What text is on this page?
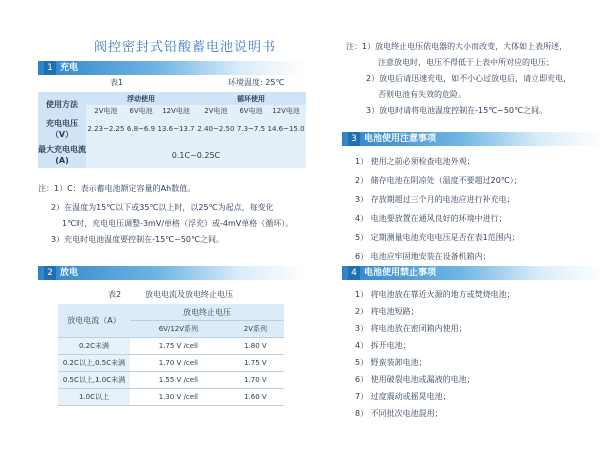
阀控密封式铅酸蓄电池说明书
1 充电
表1	环境温度: 25℃
使用方法	浮动使用			循环使用		
	2V电池	6V电池	12V电池	2V电池	6V电池	12V电池
充电电压（V）	2.23~2.25	6.8~6.9	13.6~13.7	2.40~2.50	7.3~7.5	14.6~15.0
最大充电电流(A)	0.1C~0.25C					
注：1）C：表示蓄电池额定容量的Ah数值。
2）在温度为15℃以下或35℃以上时，以25℃为起点，每变化
1℃时，充电电压调整-3mV/单格（浮充）或-4mV单格（循环）。
3）充电时电池温度要控制在-15℃~50℃之间。
2 放电
表2	放电电流及放电终止电压
放电电流（A）	放电终止电压	
	6V/12V系列	2V系列
0.2C未满	1.75 V /cell	1.80 V
0.2C以上,0.5C未满	1.70 V /cell	1.75 V
0.5C以上,1.0C未满	1.55 V /cell	1.70 V
1.0C以上	1.30 V /cell	1.60 V
注：1）放电终止电压依电器的大小而改变，大体如上表所述，
注意放电时，电压不得低于上表中所对应的电压；
2）放电后请迅速充电，如不小心过放电后，请立即充电，
否则电池有失效的危险。
3）放电时请将电池温度控制在-15℃~50℃之间。
3 电池使用注意事项
1） 使用之前必须检查电池外观；
2） 储存电池在阴凉处（温度不要超过20℃）；
3） 存放期超过三个月的电池应进行补充电；
4） 电池要放置在通风良好的环境中进行；
5） 定期测量电池充电电压是否在表1范围内；
6） 电池应牢固地安装在设备机箱内；
4 电池使用禁止事项
1） 将电池放在靠近火源的地方或焚烧电池；
2） 将电池短路；
3） 将电池放在密闭箱内使用；
4） 拆开电池；
5） 野蛮装卸电池；
6） 使用破裂电池或漏液的电池；
7） 过度震动或摇晃电池；
8） 不同批次电池混用；
